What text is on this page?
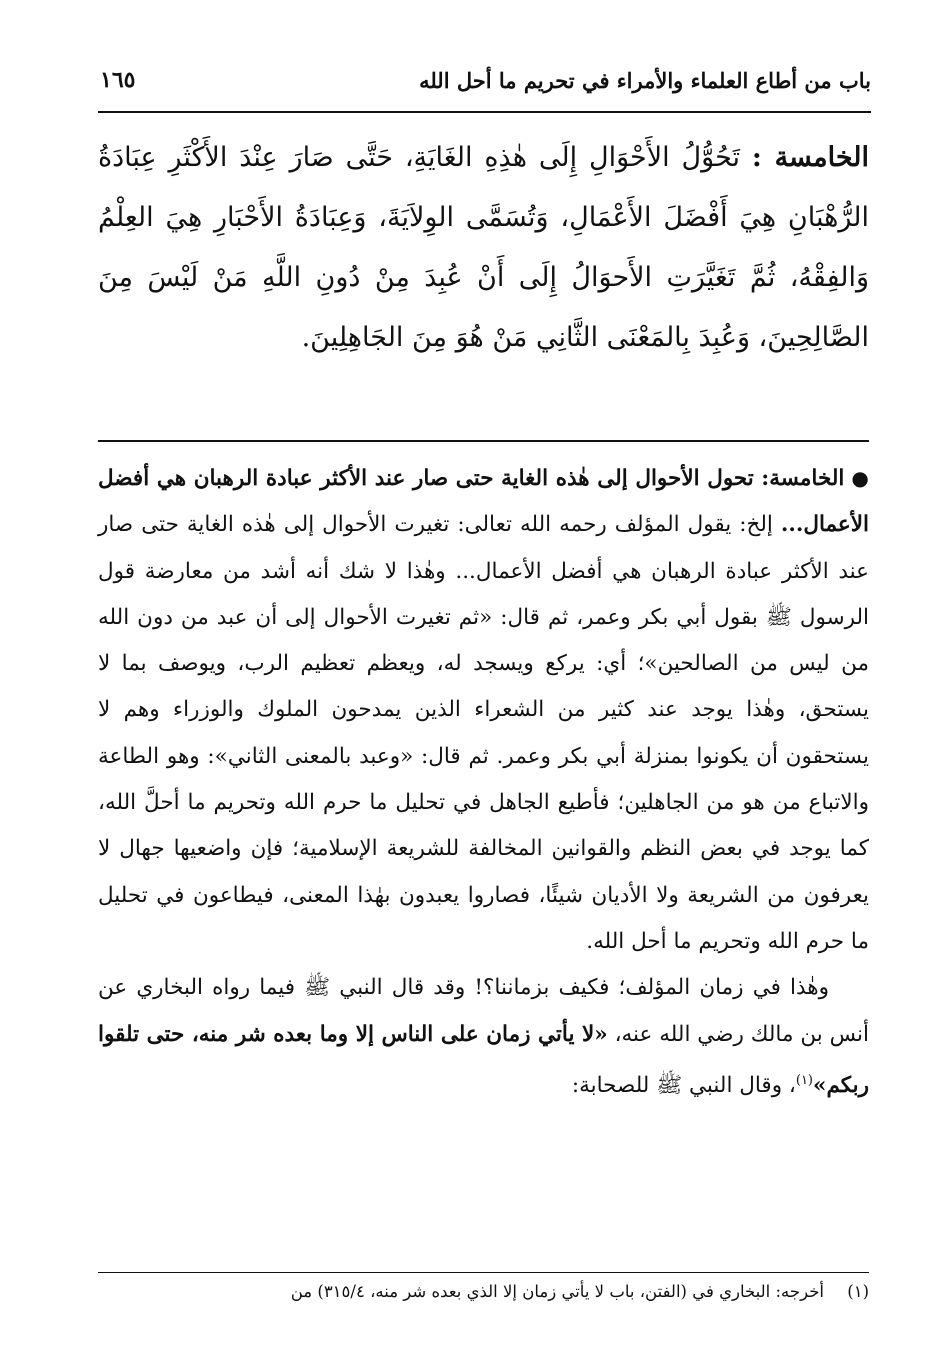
باب من أطاع العلماء والأمراء في تحريم ما أحل الله
١٦٥
الخامسة : تَحُوُّلُ الأَحْوَالِ إِلَى هٰذِهِ الغَايَةِ، حَتَّى صَارَ عِنْدَ الأَكْثَرِ عِبَادَةُ الرُّهْبَانِ هِيَ أَفْضَلَ الأَعْمَالِ، وَتُسَمَّى الوِلاَيَةَ، وَعِبَادَةُ الأَحْبَارِ هِيَ العِلْمُ وَالفِقْهُ، ثُمَّ تَغَيَّرَتِ الأَحوَالُ إِلَى أَنْ عُبِدَ مِنْ دُونِ اللَّهِ مَنْ لَيْسَ مِنَ الصَّالِحِينَ، وَعُبِدَ بِالمَعْنَى الثَّانِي مَنْ هُوَ مِنَ الجَاهِلِينَ.

● الخامسة: تحول الأحوال إلى هٰذه الغاية حتى صار عند الأكثر عبادة الرهبان هي أفضل الأعمال... إلخ: يقول المؤلف رحمه الله تعالى: تغيرت الأحوال إلى هٰذه الغاية حتى صار عند الأكثر عبادة الرهبان هي أفضل الأعمال... وهٰذا لا شك أنه أشد من معارضة قول الرسول ﷺ بقول أبي بكر وعمر، ثم قال: «ثم تغيرت الأحوال إلى أن عبد من دون الله من ليس من الصالحين»؛ أي: يركع ويسجد له، ويعظم تعظيم الرب، ويوصف بما لا يستحق، وهٰذا يوجد عند كثير من الشعراء الذين يمدحون الملوك والوزراء وهم لا يستحقون أن يكونوا بمنزلة أبي بكر وعمر. ثم قال: «وعبد بالمعنى الثاني»: وهو الطاعة والاتباع من هو من الجاهلين؛ فأطيع الجاهل في تحليل ما حرم الله وتحريم ما أحلَّ الله، كما يوجد في بعض النظم والقوانين المخالفة للشريعة الإسلامية؛ فإن واضعيها جهال لا يعرفون من الشريعة ولا الأديان شيئًا، فصاروا يعبدون بهٰذا المعنى، فيطاعون في تحليل ما حرم الله وتحريم ما أحل الله.

وهٰذا في زمان المؤلف؛ فكيف بزماننا؟! وقد قال النبي ﷺ فيما رواه البخاري عن أنس بن مالك رضي الله عنه، «لا يأتي زمان على الناس إلا وما بعده شر منه، حتى تلقوا ربكم»$^{(١)}$، وقال النبي ﷺ للصحابة:

(١) أخرجه: البخاري في (الفتن، باب لا يأتي زمان إلا الذي بعده شر منه، ٣١٥/٤) من
